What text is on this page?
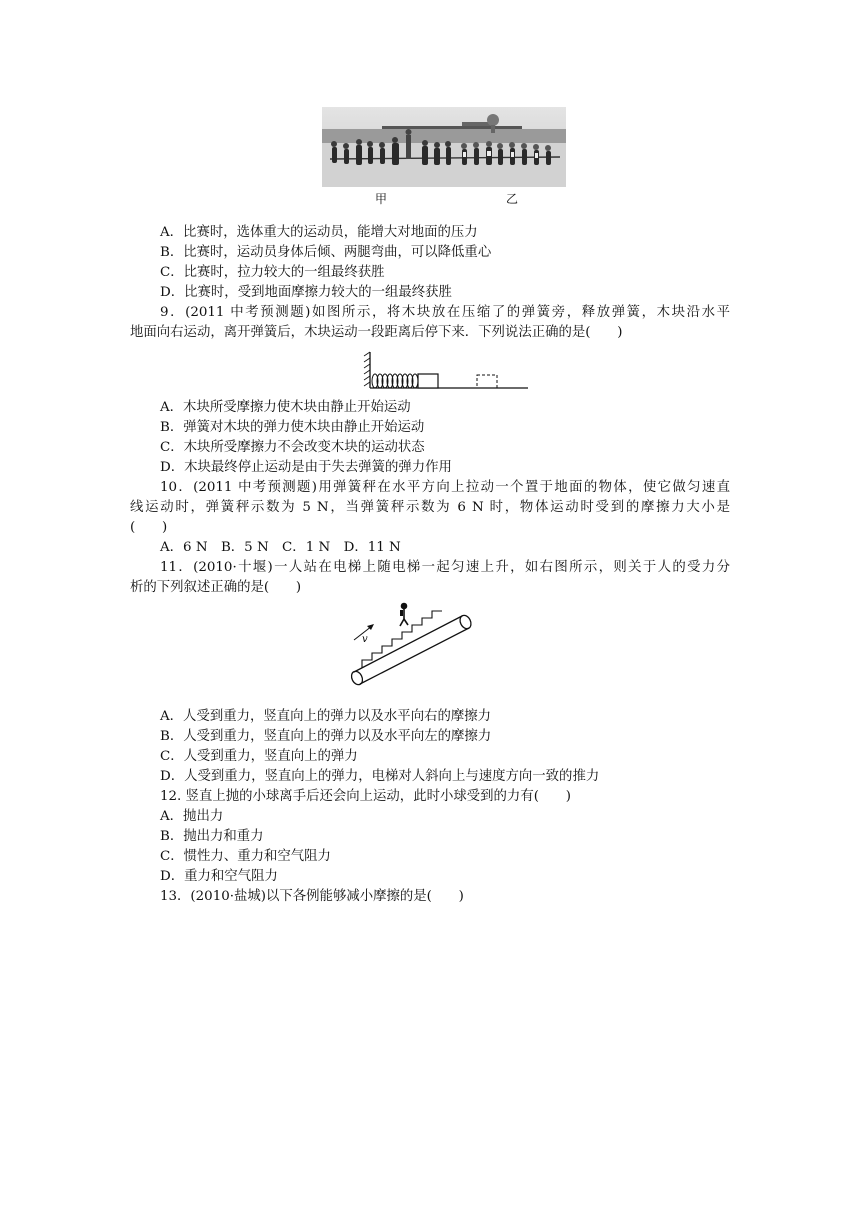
甲	乙
A．比赛时，选体重大的运动员，能增大对地面的压力
B．比赛时，运动员身体后倾、两腿弯曲，可以降低重心
C．比赛时，拉力较大的一组最终获胜
D．比赛时，受到地面摩擦力较大的一组最终获胜
9．(2011 中考预测题)如图所示，将木块放在压缩了的弹簧旁，释放弹簧，木块沿水平
地面向右运动，离开弹簧后，木块运动一段距离后停下来．下列说法正确的是(　　)
A．木块所受摩擦力使木块由静止开始运动
B．弹簧对木块的弹力使木块由静止开始运动
C．木块所受摩擦力不会改变木块的运动状态
D．木块最终停止运动是由于失去弹簧的弹力作用
10．(2011 中考预测题)用弹簧秤在水平方向上拉动一个置于地面的物体，使它做匀速直
线运动时，弹簧秤示数为 5 N，当弹簧秤示数为 6 N 时，物体运动时受到的摩擦力大小是
(　　)
A．6 N　B．5 N　C．1 N　D．11 N
11．(2010·十堰)一人站在电梯上随电梯一起匀速上升，如右图所示，则关于人的受力分
析的下列叙述正确的是(　　)
v
A．人受到重力，竖直向上的弹力以及水平向右的摩擦力
B．人受到重力，竖直向上的弹力以及水平向左的摩擦力
C．人受到重力，竖直向上的弹力
D．人受到重力，竖直向上的弹力，电梯对人斜向上与速度方向一致的推力
12. 竖直上抛的小球离手后还会向上运动，此时小球受到的力有(　　)
A．抛出力
B．抛出力和重力
C．惯性力、重力和空气阻力
D．重力和空气阻力
13．(2010·盐城)以下各例能够减小摩擦的是(　　)
